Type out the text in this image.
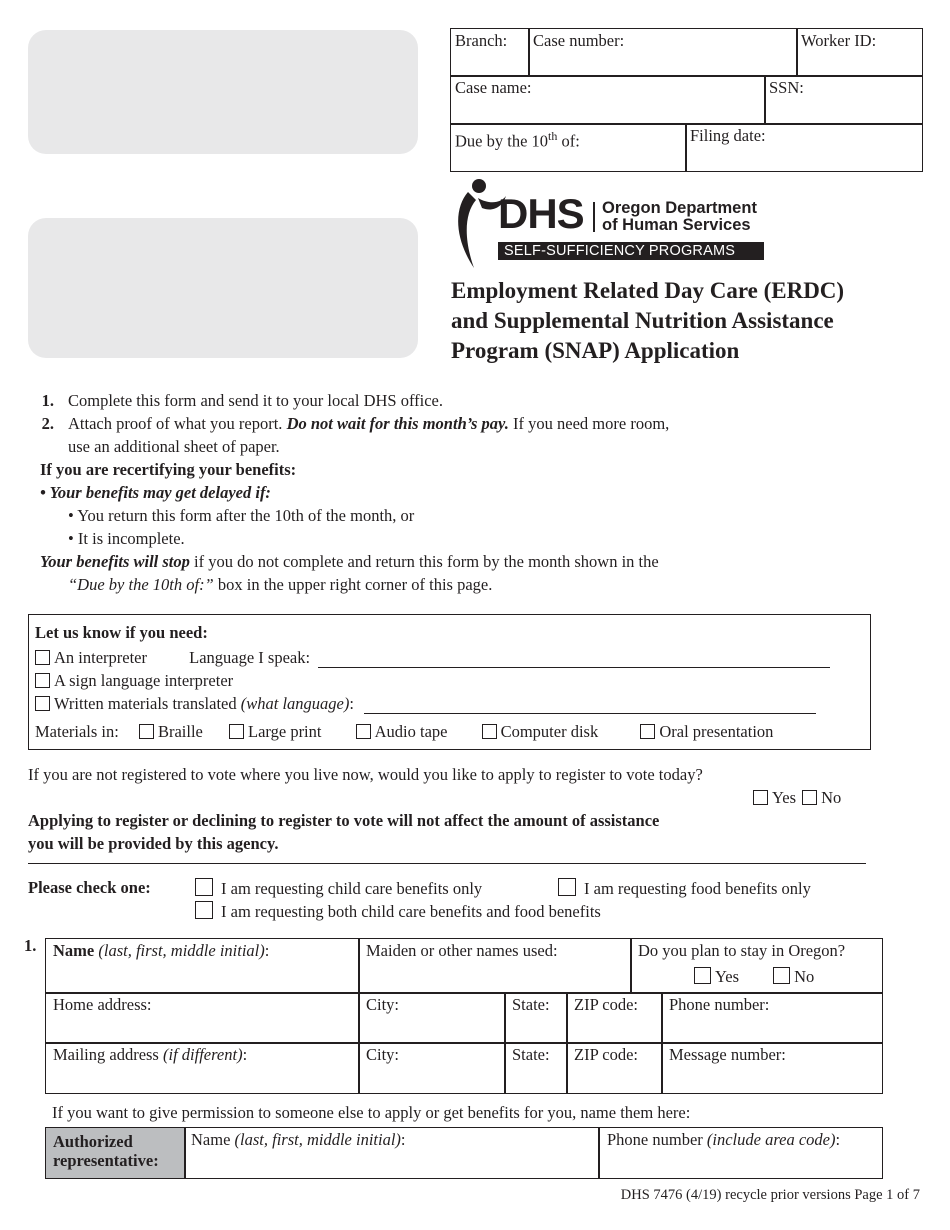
Branch:	Case number:	Worker ID:
Case name:	SSN:
Due by the 10th of:	Filing date:
DHS Oregon Department
of Human Services
SELF-SUFFICIENCY PROGRAMS
Employment Related Day Care (ERDC)
and Supplemental Nutrition Assistance
Program (SNAP) Application
1. Complete this form and send it to your local DHS office.
2. Attach proof of what you report. Do not wait for this month’s pay. If you need more room,
use an additional sheet of paper.
If you are recertifying your benefits:
• Your benefits may get delayed if:
• You return this form after the 10th of the month, or
• It is incomplete.
Your benefits will stop if you do not complete and return this form by the month shown in the
“Due by the 10th of:” box in the upper right corner of this page.
Let us know if you need:
An interpreter	Language I speak:
A sign language interpreter
Written materials translated (what language):
Materials in: Braille	Large print	Audio tape	Computer disk	Oral presentation
If you are not registered to vote where you live now, would you like to apply to register to vote today?
Yes No
Applying to register or declining to register to vote will not affect the amount of assistance
you will be provided by this agency.
Please check one:	I am requesting child care benefits only	I am requesting food benefits only
I am requesting both child care benefits and food benefits
1.	Name (last, first, middle initial):	Maiden or other names used:	Do you plan to stay in Oregon?
Yes	No
Home address:	City:	State:	ZIP code:	Phone number:
Mailing address (if different):	City:	State:	ZIP code:	Message number:
If you want to give permission to someone else to apply or get benefits for you, name them here:
Authorized
representative:
Name (last, first, middle initial):	Phone number (include area code):
DHS 7476 (4/19) recycle prior versions Page 1 of 7
